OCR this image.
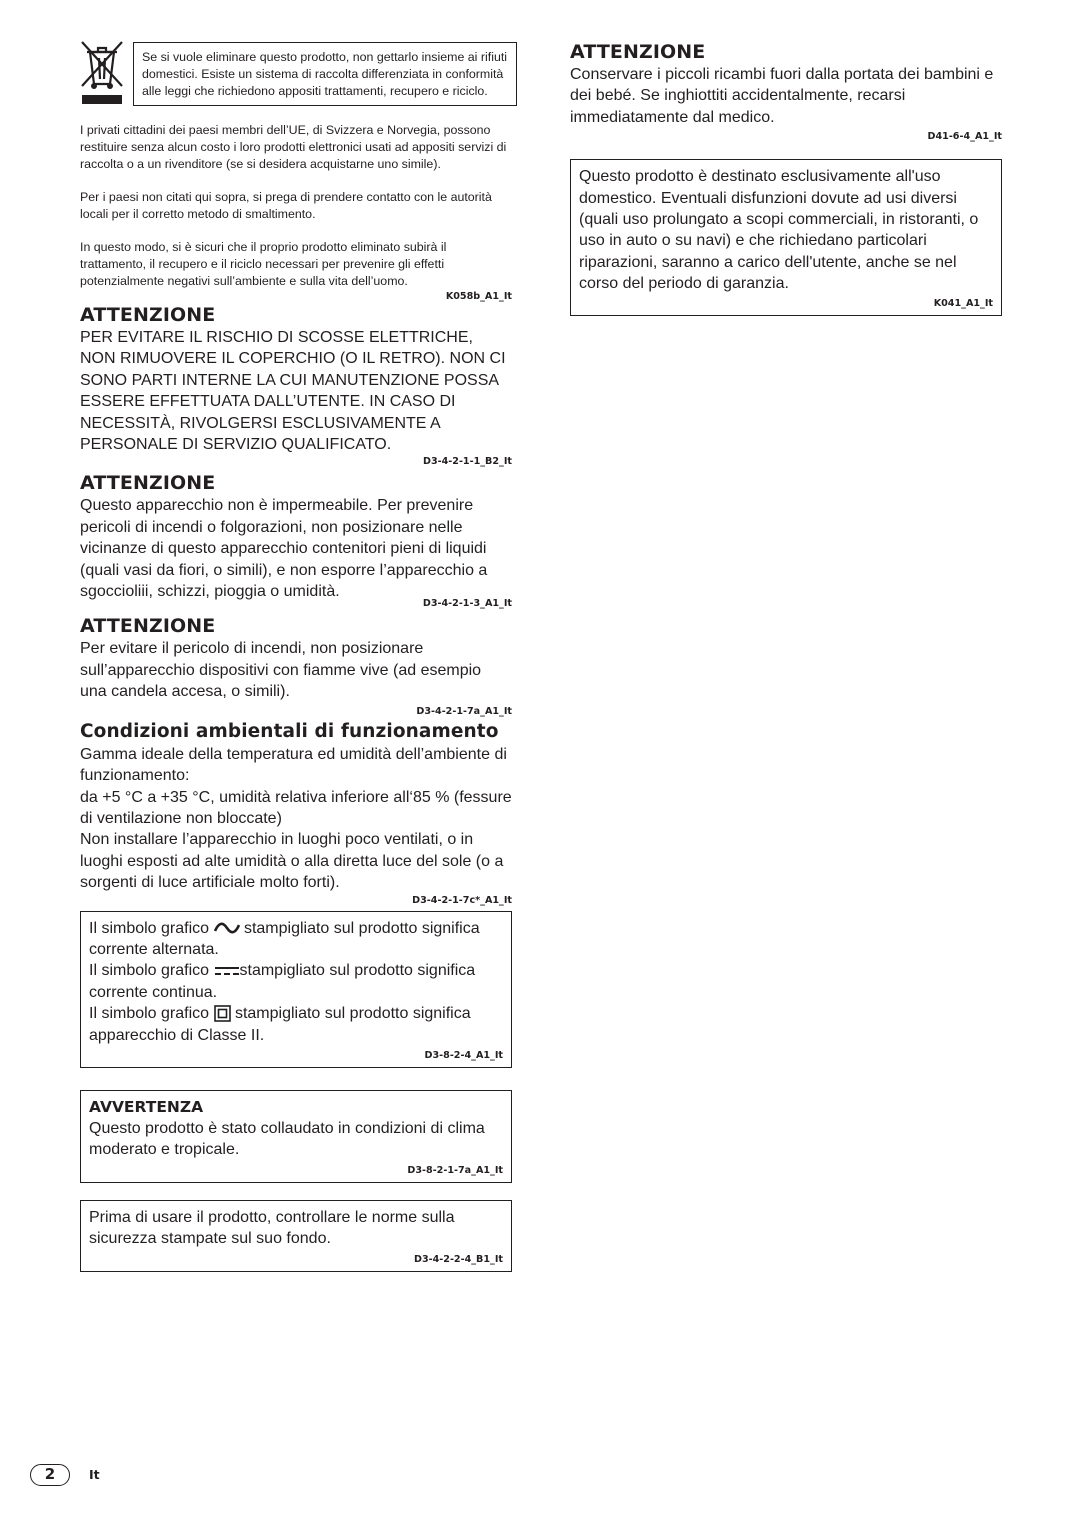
Se si vuole eliminare questo prodotto, non gettarlo insieme ai rifiuti domestici. Esiste un sistema di raccolta differenziata in conformità alle leggi che richiedono appositi trattamenti, recupero e riciclo.

I privati cittadini dei paesi membri dell’UE, di Svizzera e Norvegia, possono restituire senza alcun costo i loro prodotti elettronici usati ad appositi servizi di raccolta o a un rivenditore (se si desidera acquistarne uno simile).

Per i paesi non citati qui sopra, si prega di prendere contatto con le autorità locali per il corretto metodo di smaltimento.

In questo modo, si è sicuri che il proprio prodotto eliminato subirà il trattamento, il recupero e il riciclo necessari per prevenire gli effetti potenzialmente negativi sull’ambiente e sulla vita dell’uomo.

K058b_A1_It
ATTENZIONE

PER EVITARE IL RISCHIO DI SCOSSE ELETTRICHE, NON RIMUOVERE IL COPERCHIO (O IL RETRO). NON CI SONO PARTI INTERNE LA CUI MANUTENZIONE POSSA ESSERE EFFETTUATA DALL’UTENTE. IN CASO DI NECESSITÀ, RIVOLGERSI ESCLUSIVAMENTE A PERSONALE DI SERVIZIO QUALIFICATO.

D3-4-2-1-1_B2_It
ATTENZIONE

Questo apparecchio non è impermeabile. Per prevenire pericoli di incendi o folgorazioni, non posizionare nelle vicinanze di questo apparecchio contenitori pieni di liquidi (quali vasi da fiori, o simili), e non esporre l’apparecchio a sgoccioliii, schizzi, pioggia o umidità.

D3-4-2-1-3_A1_It
ATTENZIONE

Per evitare il pericolo di incendi, non posizionare sull’apparecchio dispositivi con fiamme vive (ad esempio una candela accesa, o simili).

D3-4-2-1-7a_A1_It
Condizioni ambientali di funzionamento

Gamma ideale della temperatura ed umidità dell’ambiente di funzionamento:

da +5 °C a +35 °C, umidità relativa inferiore all‘85 % (fessure di ventilazione non bloccate)

Non installare l’apparecchio in luoghi poco ventilati, o in luoghi esposti ad alte umidità o alla diretta luce del sole (o a sorgenti di luce artificiale molto forti).

D3-4-2-1-7c*_A1_It

Il simbolo grafico stampigliato sul prodotto significa corrente alternata.

Il simbolo grafico stampigliato sul prodotto significa corrente continua.

Il simbolo grafico stampigliato sul prodotto significa apparecchio di Classe II.

D3-8-2-4_A1_It
AVVERTENZA

Questo prodotto è stato collaudato in condizioni di clima moderato e tropicale.

D3-8-2-1-7a_A1_It

Prima di usare il prodotto, controllare le norme sulla sicurezza stampate sul suo fondo.

D3-4-2-2-4_B1_It
ATTENZIONE

Conservare i piccoli ricambi fuori dalla portata dei bambini e dei bebé. Se inghiottiti accidentalmente, recarsi immediatamente dal medico.

D41-6-4_A1_It

Questo prodotto è destinato esclusivamente all'uso domestico. Eventuali disfunzioni dovute ad usi diversi (quali uso prolungato a scopi commerciali, in ristoranti, o uso in auto o su navi) e che richiedano particolari riparazioni, saranno a carico dell'utente, anche se nel corso del periodo di garanzia.

K041_A1_It
2	It
